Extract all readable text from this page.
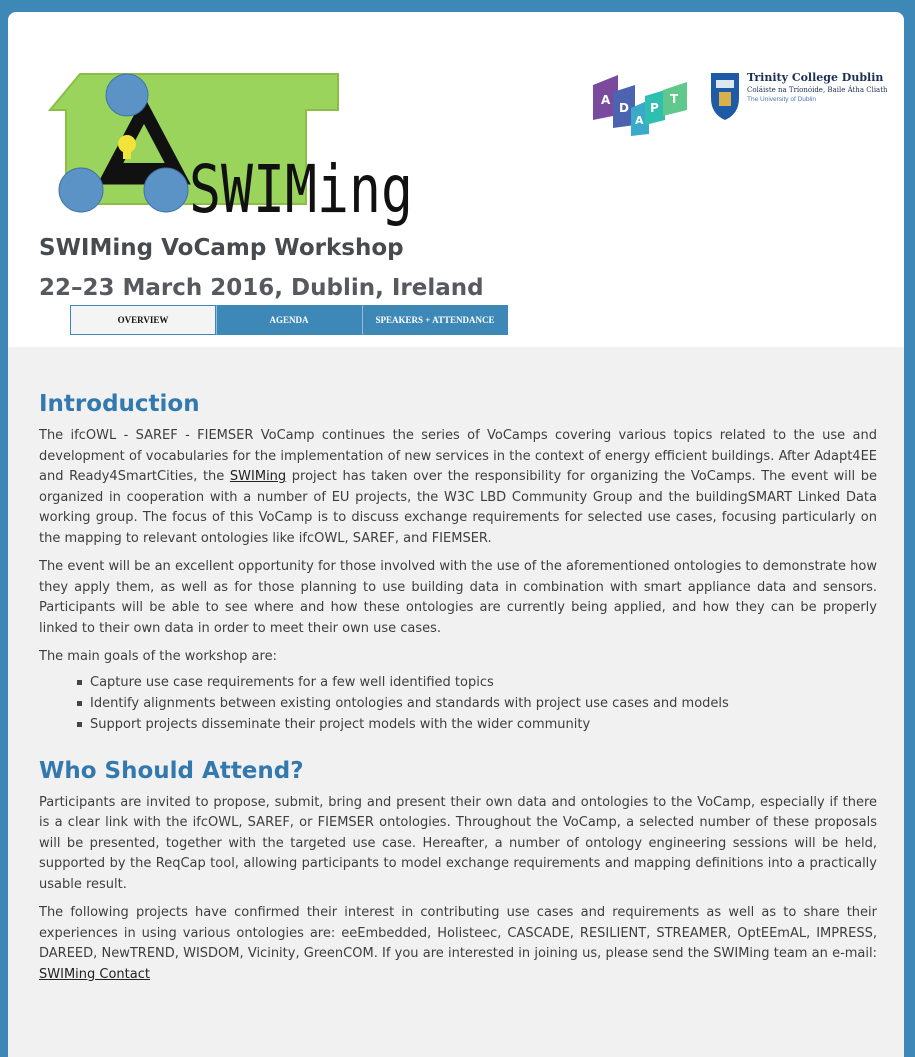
SWIMing
A
D
A
P
T
Trinity College Dublin
Coláiste na Tríonóide, Baile Átha Cliath
The University of Dublin
SWIMing VoCamp Workshop
22–23 March 2016, Dublin, Ireland
OVERVIEW	AGENDA	SPEAKERS + ATTENDANCE
Introduction

The ifcOWL - SAREF - FIEMSER VoCamp continues the series of VoCamps covering various topics related to the use and development of vocabularies for the implementation of new services in the context of energy efficient buildings. After Adapt4EE and Ready4SmartCities, the SWIMing project has taken over the responsibility for organizing the VoCamps. The event will be organized in cooperation with a number of EU projects, the W3C LBD Community Group and the buildingSMART Linked Data working group. The focus of this VoCamp is to discuss exchange requirements for selected use cases, focusing particularly on the mapping to relevant ontologies like ifcOWL, SAREF, and FIEMSER.

The event will be an excellent opportunity for those involved with the use of the aforementioned ontologies to demonstrate how they apply them, as well as for those planning to use building data in combination with smart appliance data and sensors. Participants will be able to see where and how these ontologies are currently being applied, and how they can be properly linked to their own data in order to meet their own use cases.

The main goals of the workshop are:

Capture use case requirements for a few well identified topics
Identify alignments between existing ontologies and standards with project use cases and models
Support projects disseminate their project models with the wider community
Who Should Attend?

Participants are invited to propose, submit, bring and present their own data and ontologies to the VoCamp, especially if there is a clear link with the ifcOWL, SAREF, or FIEMSER ontologies. Throughout the VoCamp, a selected number of these proposals will be presented, together with the targeted use case. Hereafter, a number of ontology engineering sessions will be held, supported by the ReqCap tool, allowing participants to model exchange requirements and mapping definitions into a practically usable result.

The following projects have confirmed their interest in contributing use cases and requirements as well as to share their experiences in using various ontologies are: eeEmbedded, Holisteec, CASCADE, RESILIENT, STREAMER, OptEEmAL, IMPRESS, DAREED, NewTREND, WISDOM, Vicinity, GreenCOM. If you are interested in joining us, please send the SWIMing team an e-mail: SWIMing Contact
